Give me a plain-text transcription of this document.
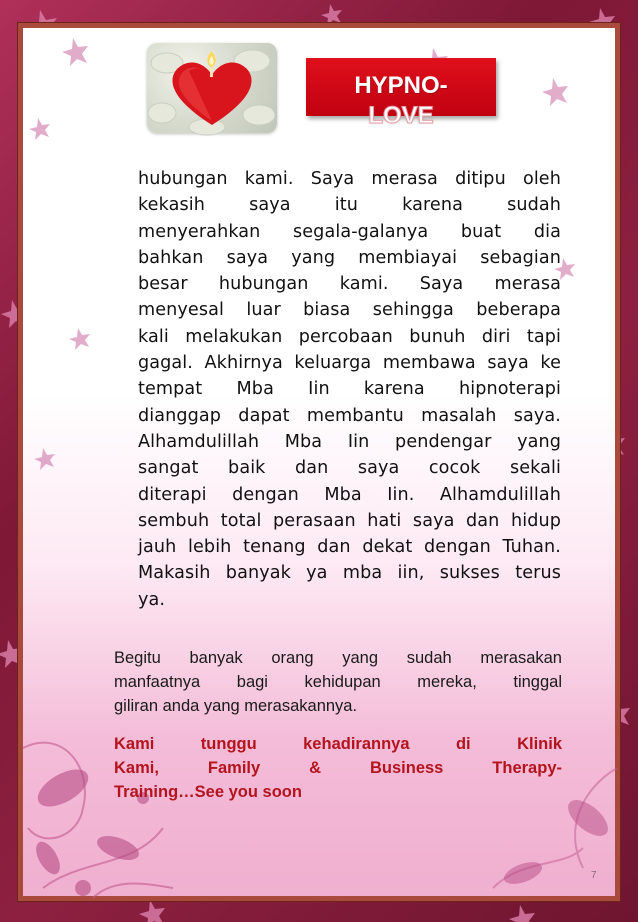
HYPNO-
LOVE
hubungan kami. Saya merasa ditipu oleh
kekasih saya itu karena sudah
menyerahkan segala-galanya buat dia
bahkan saya yang membiayai sebagian
besar hubungan kami. Saya merasa
menyesal luar biasa sehingga beberapa
kali melakukan percobaan bunuh diri tapi
gagal. Akhirnya keluarga membawa saya ke
tempat Mba Iin karena hipnoterapi
dianggap dapat membantu masalah saya.
Alhamdulillah Mba Iin pendengar yang
sangat baik dan saya cocok sekali
diterapi dengan Mba Iin. Alhamdulillah
sembuh total perasaan hati saya dan hidup
jauh lebih tenang dan dekat dengan Tuhan.
Makasih banyak ya mba iin, sukses terus
ya.
Begitu banyak orang yang sudah merasakan
manfaatnya bagi kehidupan mereka, tinggal
giliran anda yang merasakannya.
Kami tunggu kehadirannya di Klinik
Kami, Family & Business Therapy-
Training…See you soon
7
